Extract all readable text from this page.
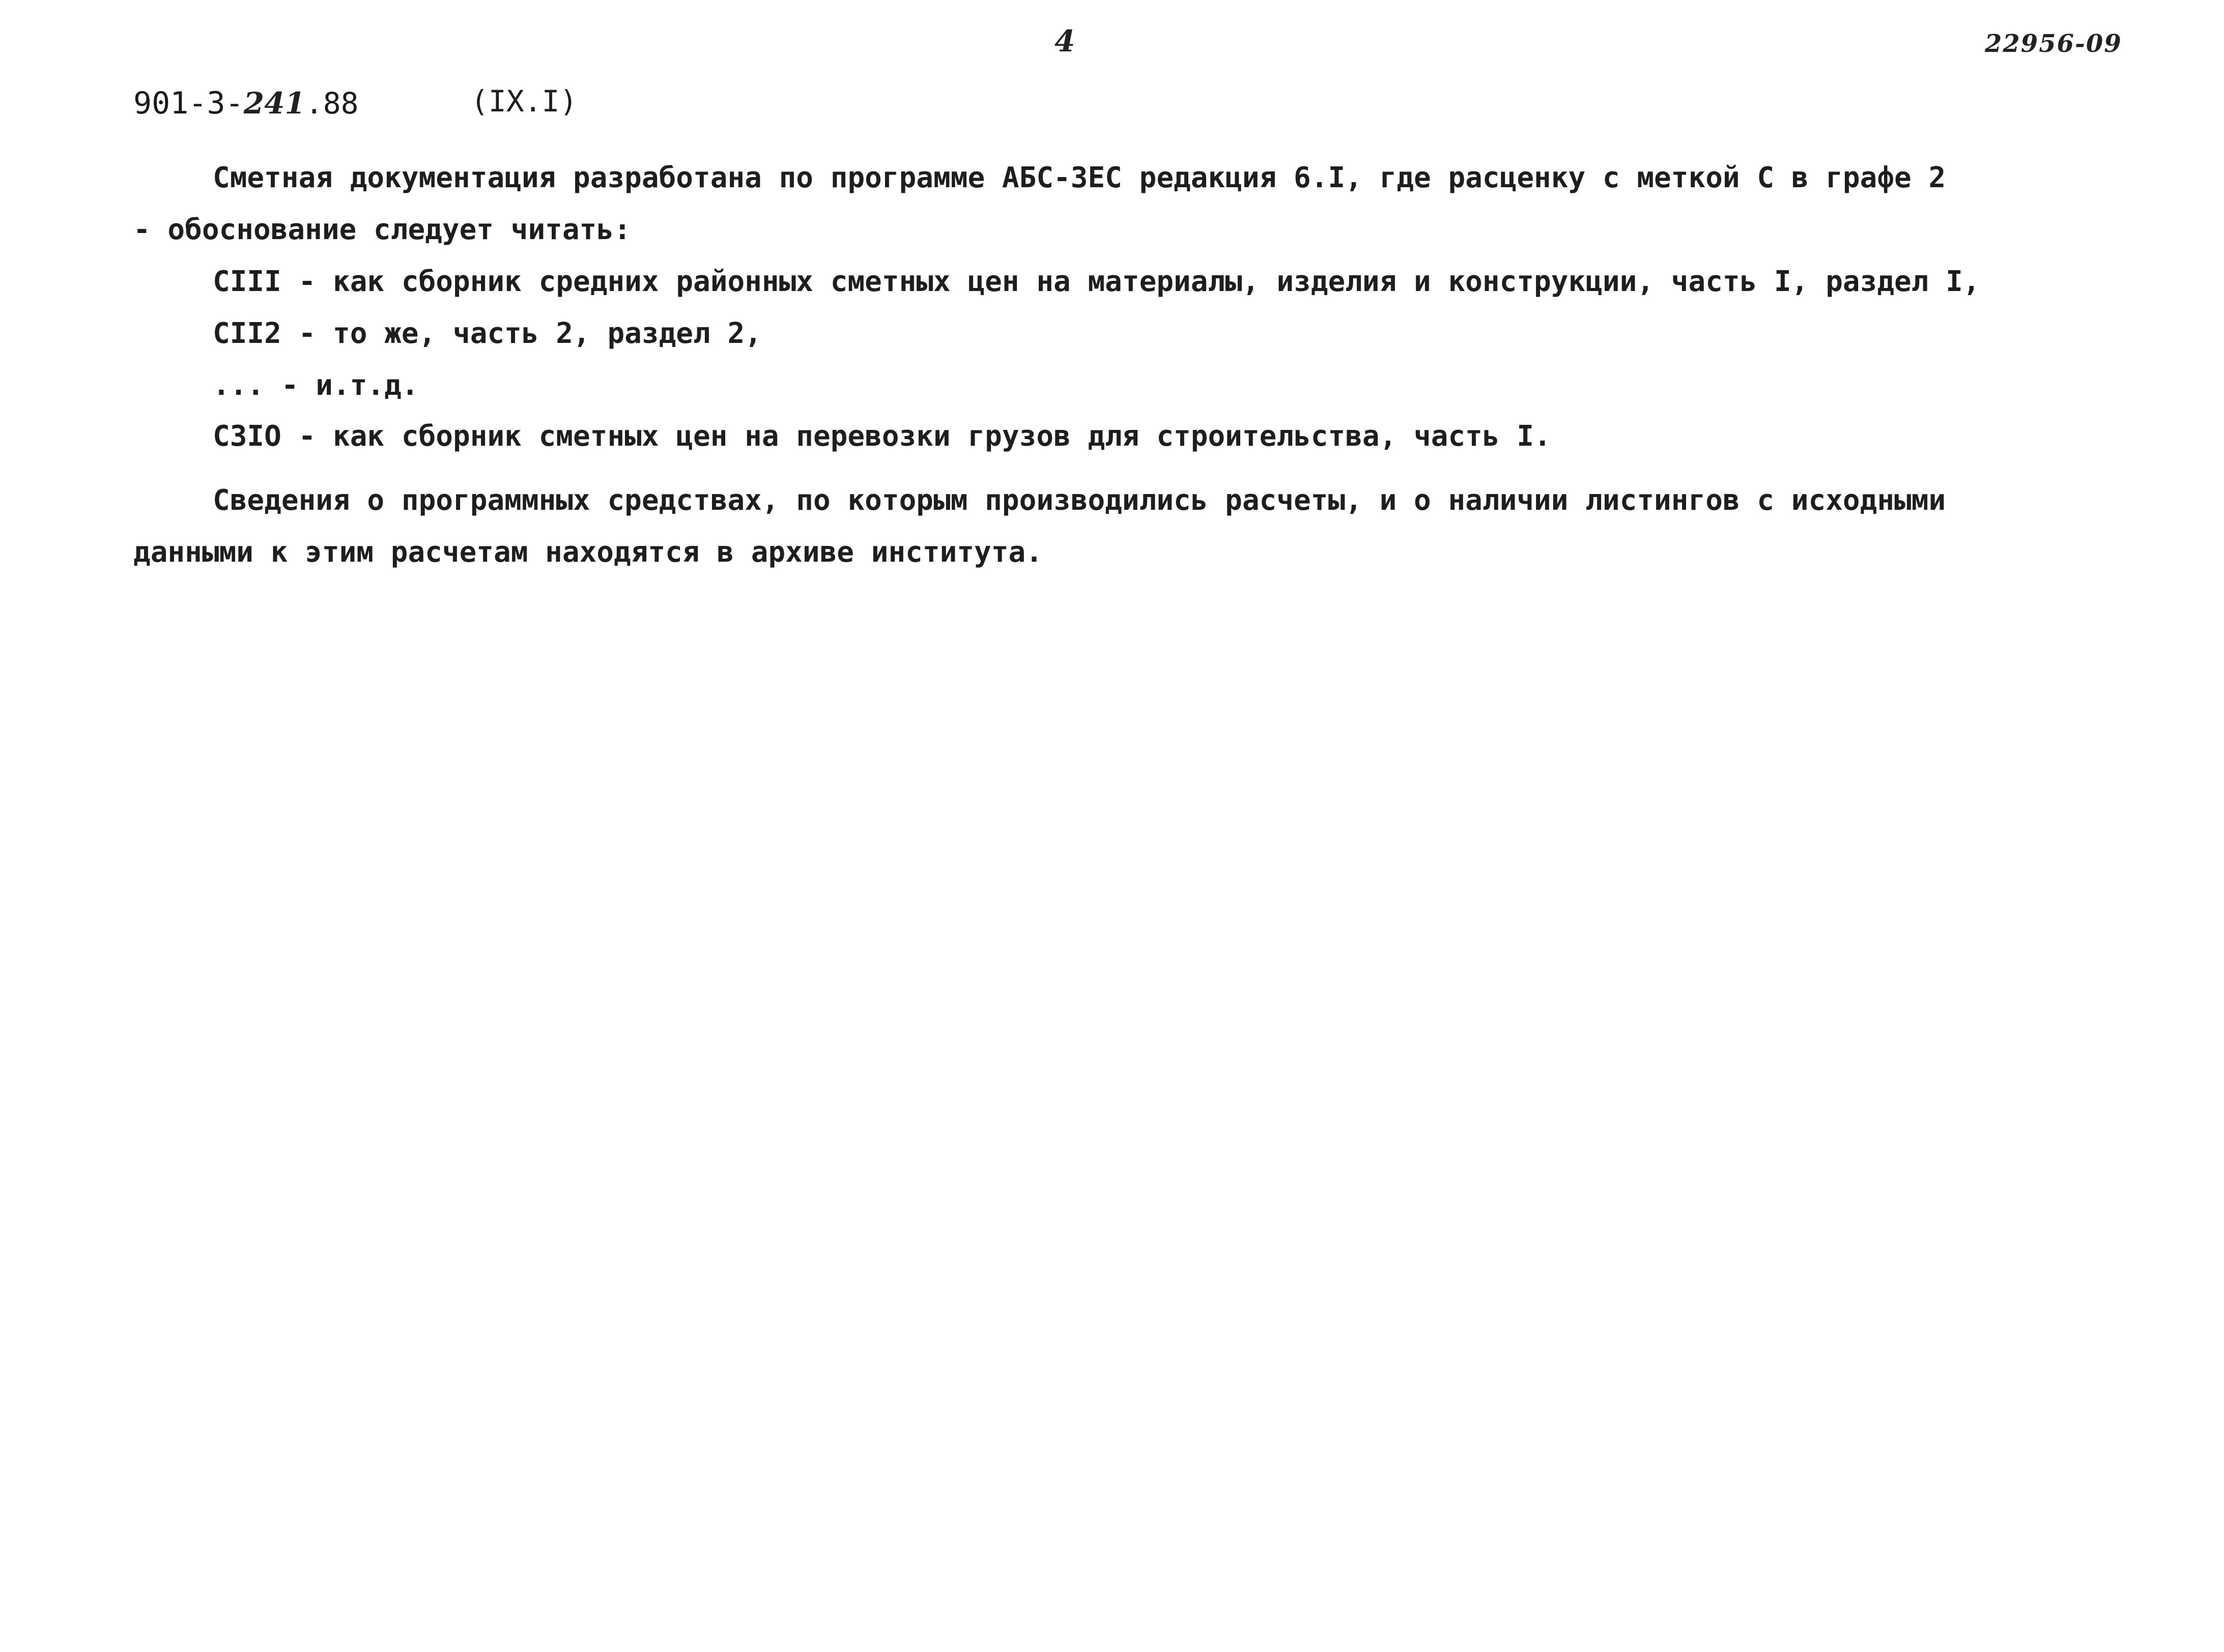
4	22956-09
901-3-241.88	(IX.I)
Сметная документация разработана по программе АБС-ЗЕС редакция 6.I, где расценку с меткой С в графе 2
- обоснование следует читать:
СIII - как сборник средних районных сметных цен на материалы, изделия и конструкции, часть I, раздел I,
СII2 - то же, часть 2, раздел 2,
... - и.т.д.
С3IO - как сборник сметных цен на перевозки грузов для строительства, часть I.
Сведения о программных средствах, по которым производились расчеты, и о наличии листингов с исходными
данными к этим расчетам находятся в архиве института.
